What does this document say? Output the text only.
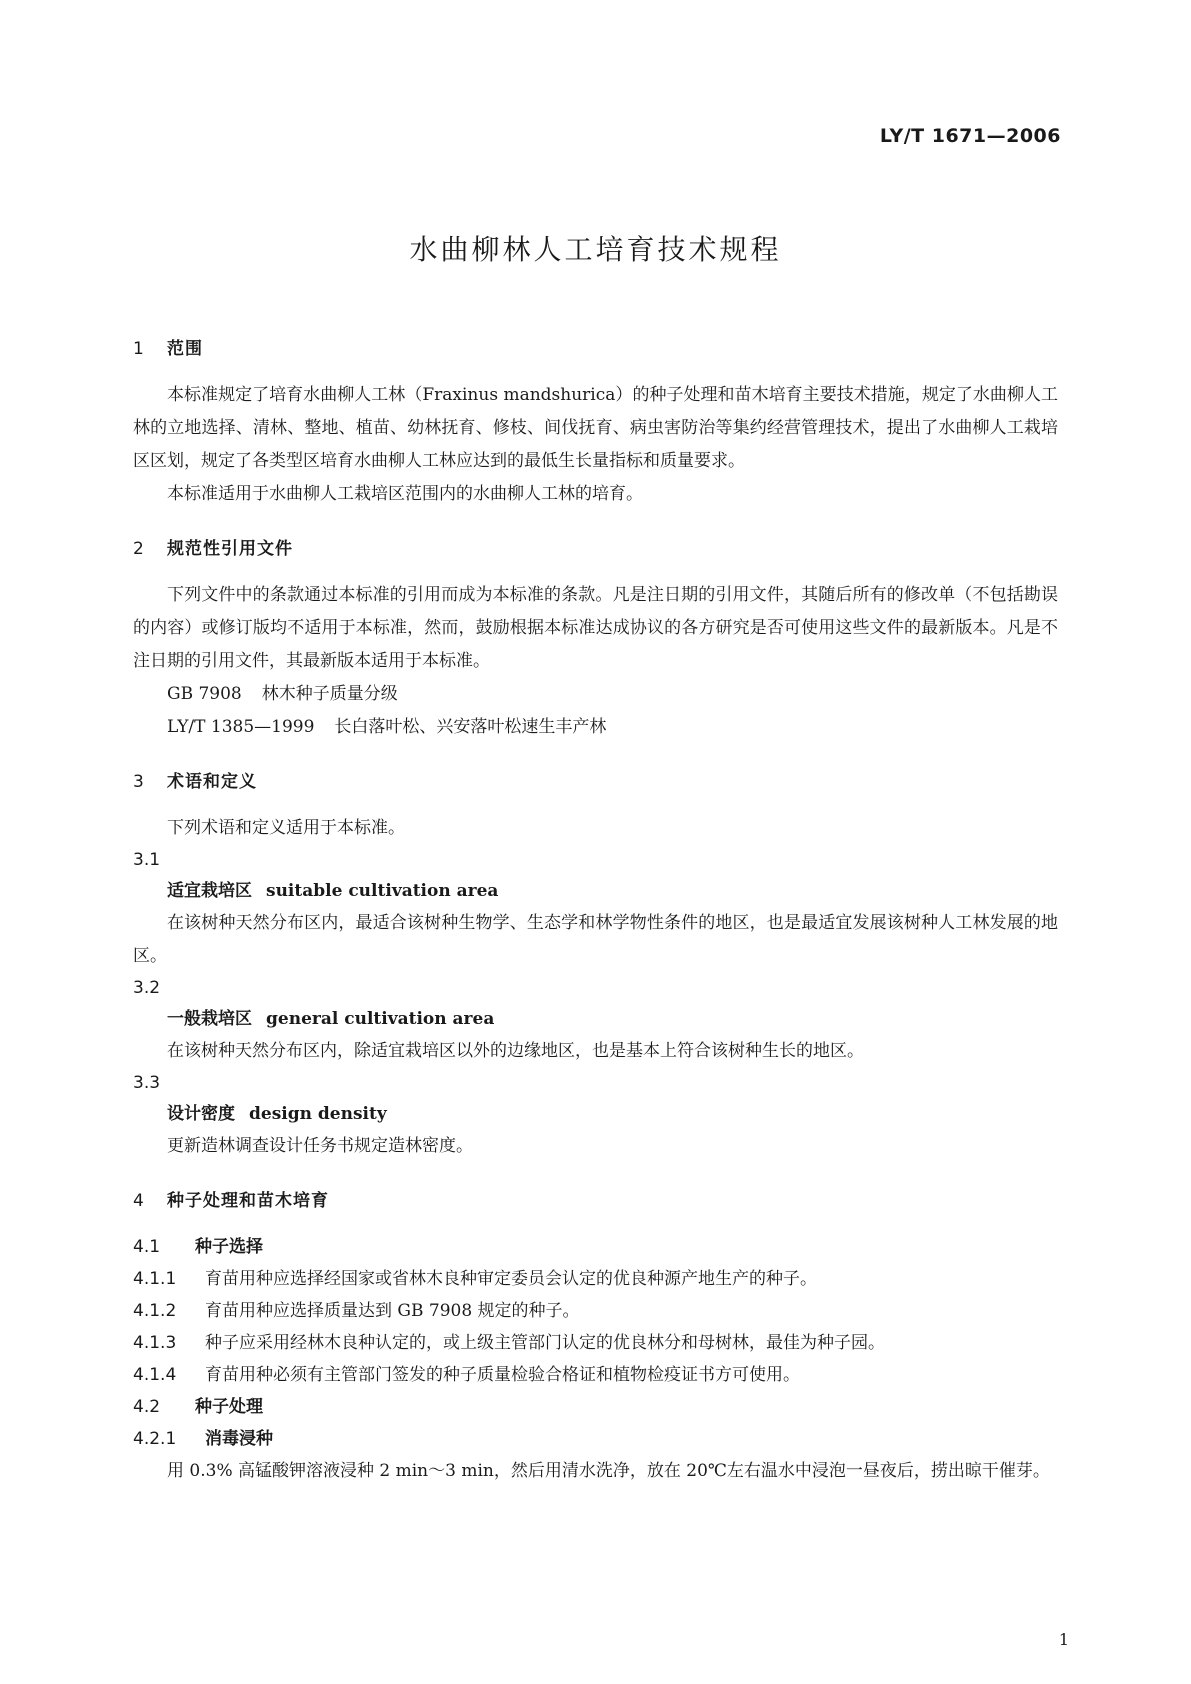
LY/T 1671—2006
水曲柳林人工培育技术规程
1 范围

本标准规定了培育水曲柳人工林（Fraxinus mandshurica）的种子处理和苗木培育主要技术措施，规定了水曲柳人工林的立地选择、清林、整地、植苗、幼林抚育、修枝、间伐抚育、病虫害防治等集约经营管理技术，提出了水曲柳人工栽培区区划，规定了各类型区培育水曲柳人工林应达到的最低生长量指标和质量要求。

本标准适用于水曲柳人工栽培区范围内的水曲柳人工林的培育。

2 规范性引用文件

下列文件中的条款通过本标准的引用而成为本标准的条款。凡是注日期的引用文件，其随后所有的修改单（不包括勘误的内容）或修订版均不适用于本标准，然而，鼓励根据本标准达成协议的各方研究是否可使用这些文件的最新版本。凡是不注日期的引用文件，其最新版本适用于本标准。

GB 7908 林木种子质量分级

LY/T 1385—1999 长白落叶松、兴安落叶松速生丰产林

3 术语和定义

下列术语和定义适用于本标准。

3.1

适宜栽培区 suitable cultivation area

在该树种天然分布区内，最适合该树种生物学、生态学和林学物性条件的地区，也是最适宜发展该树种人工林发展的地区。

3.2

一般栽培区 general cultivation area

在该树种天然分布区内，除适宜栽培区以外的边缘地区，也是基本上符合该树种生长的地区。

3.3

设计密度 design density

更新造林调查设计任务书规定造林密度。

4 种子处理和苗木培育

4.1 种子选择

4.1.1 育苗用种应选择经国家或省林木良种审定委员会认定的优良种源产地生产的种子。

4.1.2 育苗用种应选择质量达到 GB 7908 规定的种子。

4.1.3 种子应采用经林木良种认定的，或上级主管部门认定的优良林分和母树林，最佳为种子园。

4.1.4 育苗用种必须有主管部门签发的种子质量检验合格证和植物检疫证书方可使用。

4.2 种子处理

4.2.1 消毒浸种

用 0.3% 高锰酸钾溶液浸种 2 min～3 min，然后用清水洗净，放在 20℃左右温水中浸泡一昼夜后，捞出晾干催芽。

1
